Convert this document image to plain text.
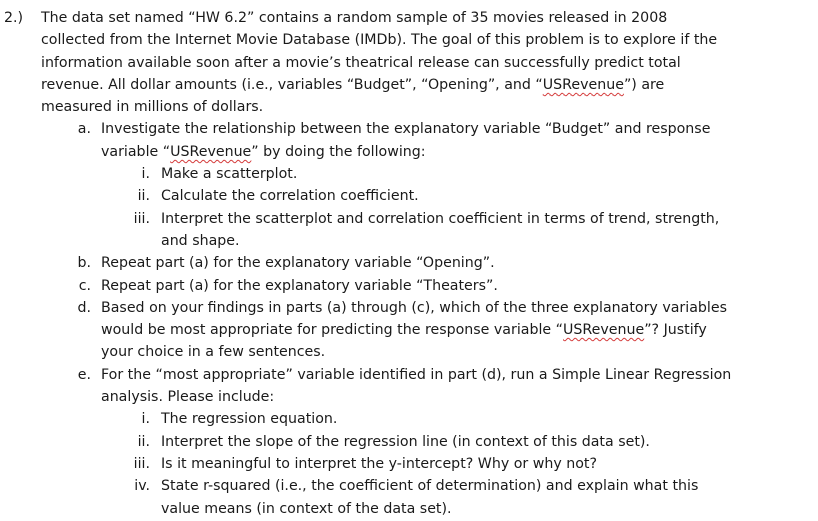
2.) The data set named “HW 6.2” contains a random sample of 35 movies released in 2008
collected from the Internet Movie Database (IMDb). The goal of this problem is to explore if the
information available soon after a movie’s theatrical release can successfully predict total
revenue. All dollar amounts (i.e., variables “Budget”, “Opening”, and “USRevenue”) are
measured in millions of dollars.
a. Investigate the relationship between the explanatory variable “Budget” and response
variable “USRevenue” by doing the following:
i. Make a scatterplot.
ii. Calculate the correlation coefficient.
iii. Interpret the scatterplot and correlation coefficient in terms of trend, strength,
and shape.
b. Repeat part (a) for the explanatory variable “Opening”.
c. Repeat part (a) for the explanatory variable “Theaters”.
d. Based on your findings in parts (a) through (c), which of the three explanatory variables
would be most appropriate for predicting the response variable “USRevenue”? Justify
your choice in a few sentences.
e. For the “most appropriate” variable identified in part (d), run a Simple Linear Regression
analysis. Please include:
i. The regression equation.
ii. Interpret the slope of the regression line (in context of this data set).
iii. Is it meaningful to interpret the y-intercept? Why or why not?
iv. State r-squared (i.e., the coefficient of determination) and explain what this
value means (in context of the data set).
